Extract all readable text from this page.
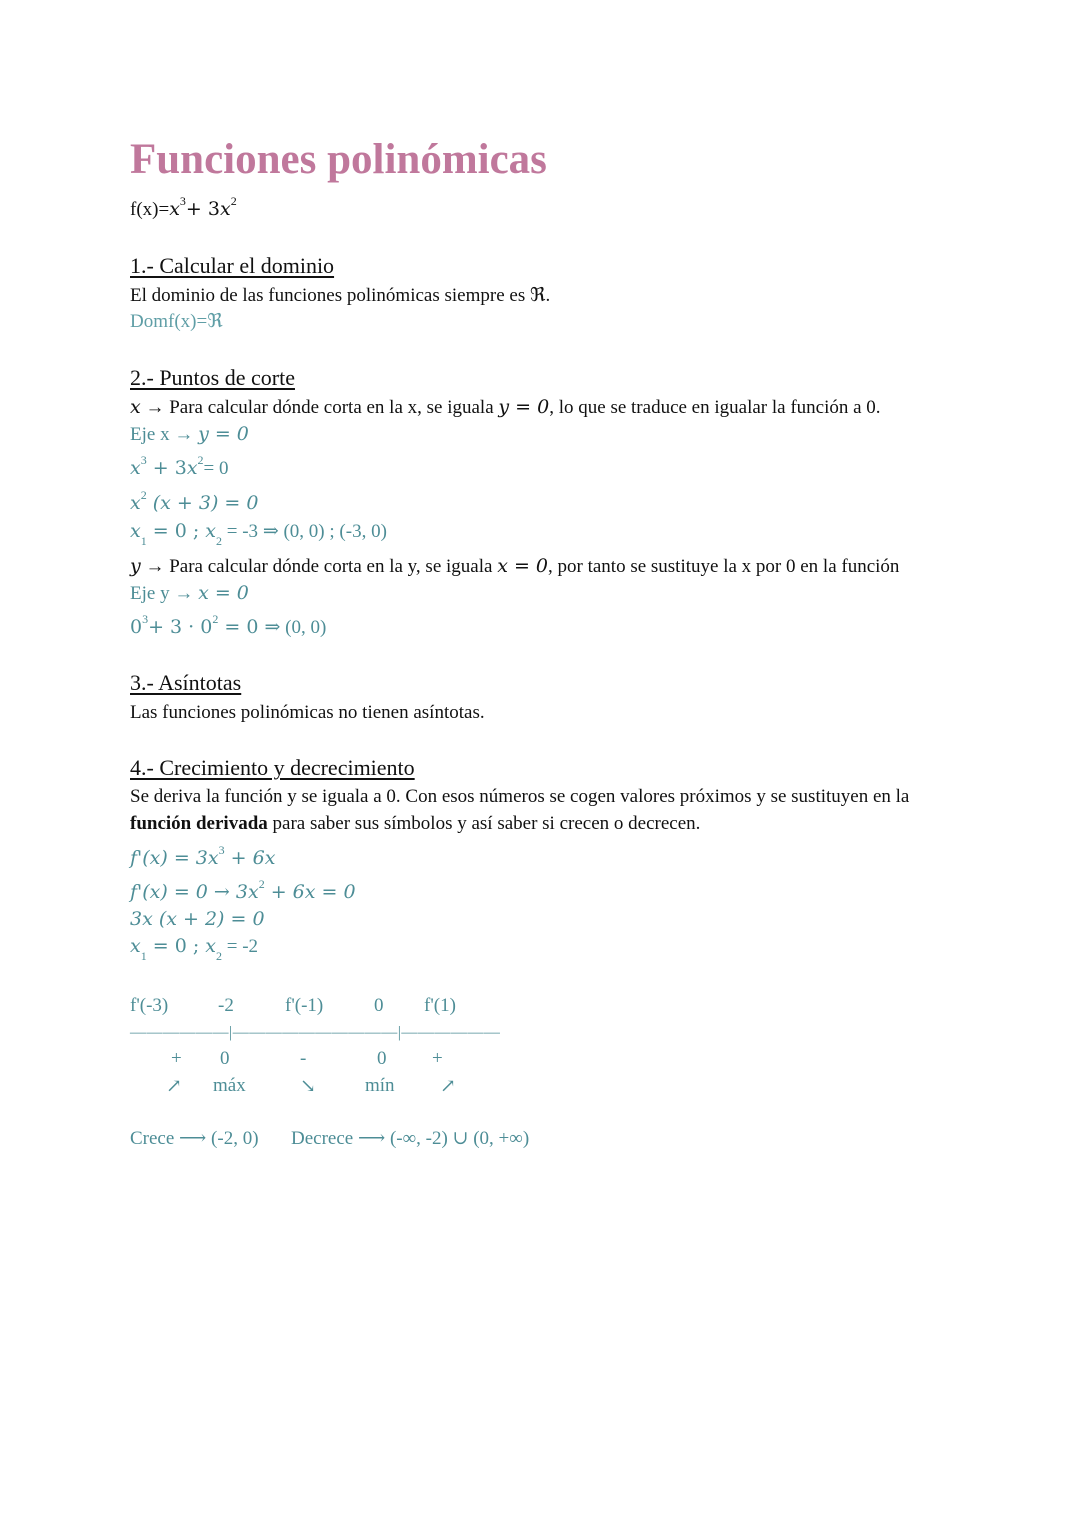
Funciones polinómicas
$f(x)=x^3+ 3x^2$
1.- Calcular el dominio
El dominio de las funciones polinómicas siempre es ℜ.
Domf(x)=ℜ
2.- Puntos de corte
x → Para calcular dónde corta en la x, se iguala y = 0, lo que se traduce en igualar la función a 0.
Eje x → y = 0
$x^3 + 3x^2= 0$
$x^2$ (x + 3) = 0
$x_1 = 0$ ; $x_2 = -3$ ⇒ (0, 0) ; (-3, 0)
y → Para calcular dónde corta en la y, se iguala x = 0, por tanto se sustituye la x por 0 en la función
Eje y → x = 0
$0^3+ 3 \cdot 0^2 = 0$ ⇒ (0, 0)
3.- Asíntotas
Las funciones polinómicas no tienen asíntotas.
4.- Crecimiento y decrecimiento
Se deriva la función y se iguala a 0. Con esos números se cogen valores próximos y se sustituyen en la
función derivada para saber sus símbolos y así saber si crecen o decrecen.
$f'(x) = 3x^3 + 6x$
$f'(x) = 0 \to 3x^2 + 6x = 0$
3x (x + 2) = 0
$x_1 = 0$ ; $x_2 = -2$
f'(-3)	-2	f'(-1)	0 f'(1)
——————|——————————|——————
+ 0	-	0 +
↗ máx	↘	mín ↗
Crece ⟶ (-2, 0) Decrece ⟶ (-∞, -2) ∪ (0, +∞)
